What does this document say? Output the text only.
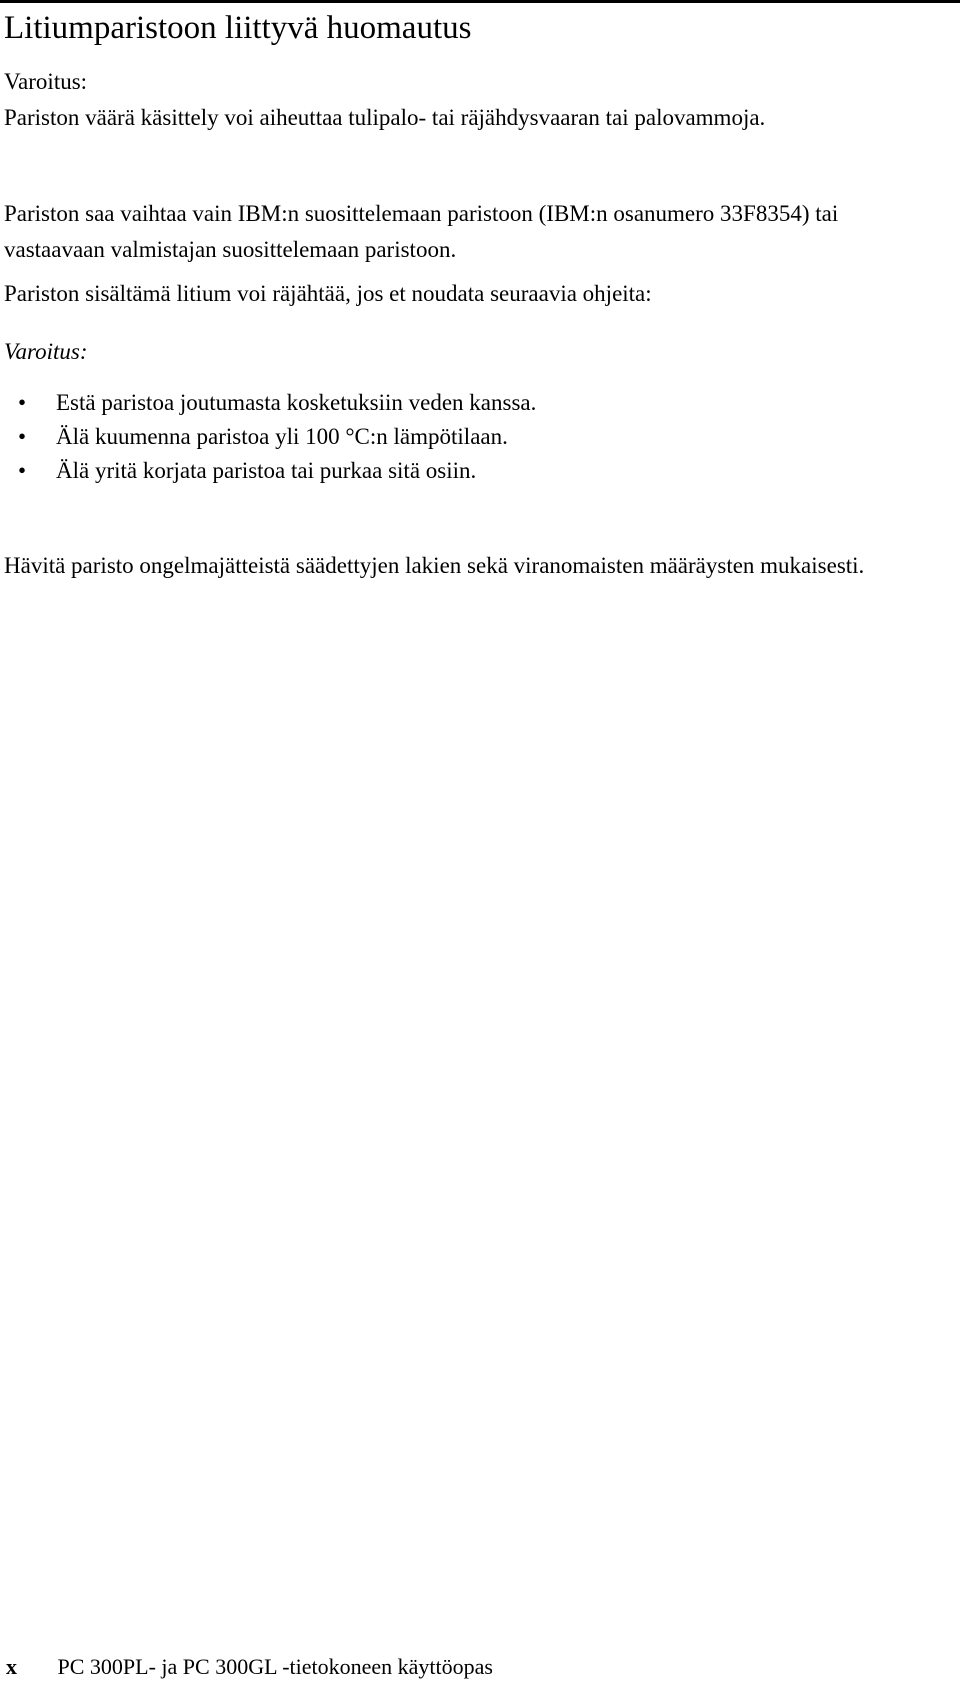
Litiumparistoon liittyvä huomautus

Varoitus:

Pariston väärä käsittely voi aiheuttaa tulipalo- tai räjähdysvaaran tai palovammoja.

Pariston saa vaihtaa vain IBM:n suosittelemaan paristoon (IBM:n osanumero 33F8354) tai vastaavaan valmistajan suosittelemaan paristoon.

Pariston sisältämä litium voi räjähtää, jos et noudata seuraavia ohjeita:

Varoitus:

• Estä paristoa joutumasta kosketuksiin veden kanssa.
• Älä kuumenna paristoa yli 100 °C:n lämpötilaan.
• Älä yritä korjata paristoa tai purkaa sitä osiin.

Hävitä paristo ongelmajätteistä säädettyjen lakien sekä viranomaisten määräysten mukaisesti.

x PC 300PL- ja PC 300GL -tietokoneen käyttöopas
